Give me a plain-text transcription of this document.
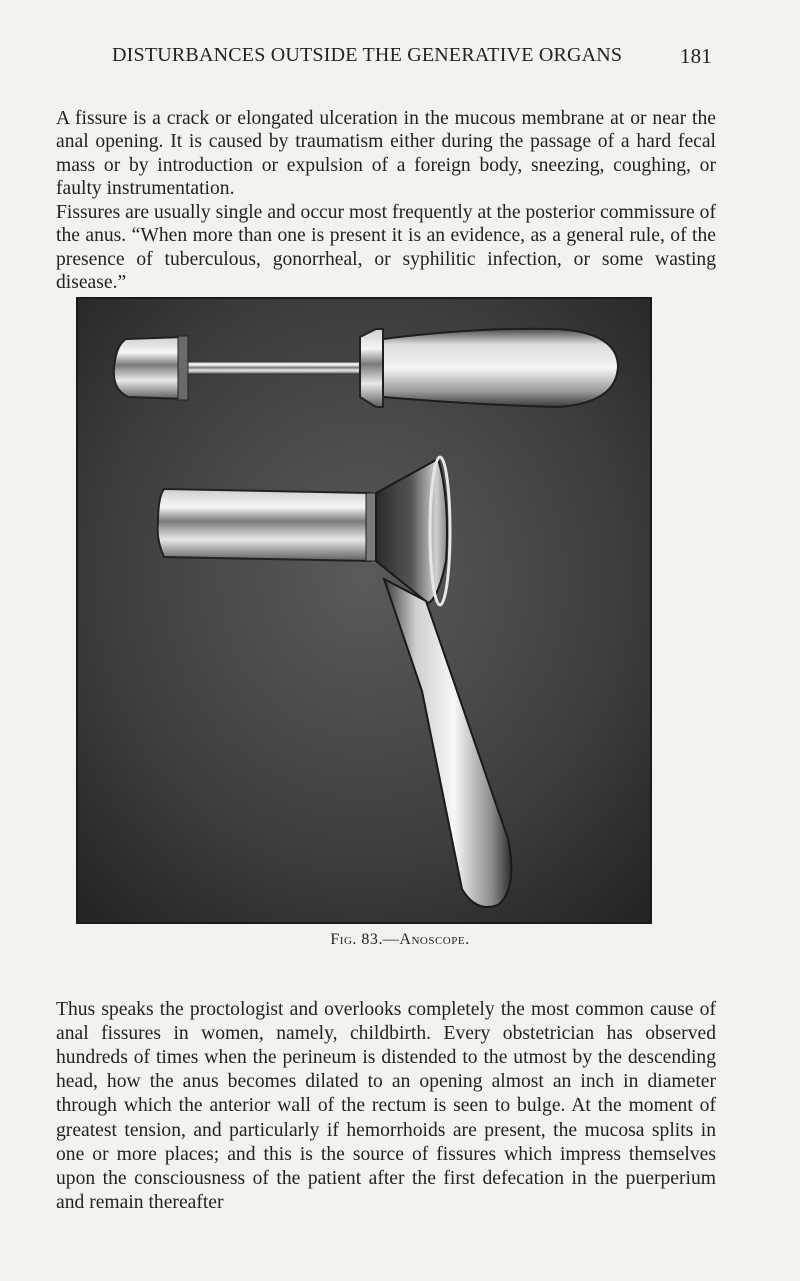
DISTURBANCES OUTSIDE THE GENERATIVE ORGANS	181

A fissure is a crack or elongated ulceration in the mucous membrane at or near the anal opening. It is caused by traumatism either during the passage of a hard fecal mass or by introduction or expulsion of a foreign body, sneezing, coughing, or faulty instrumentation.

Fissures are usually single and occur most frequently at the posterior commissure of the anus. “When more than one is present it is an evidence, as a general rule, of the presence of tuberculous, gonorrheal, or syphilitic infection, or some wasting disease.”

Fig. 83.—Anoscope.

Thus speaks the proctologist and overlooks completely the most common cause of anal fissures in women, namely, childbirth. Every obstetrician has observed hundreds of times when the perineum is distended to the utmost by the descending head, how the anus becomes dilated to an opening almost an inch in diameter through which the anterior wall of the rectum is seen to bulge. At the moment of greatest tension, and particularly if hemorrhoids are present, the mucosa splits in one or more places; and this is the source of fissures which impress themselves upon the consciousness of the patient after the first defecation in the puerperium and remain thereafter
